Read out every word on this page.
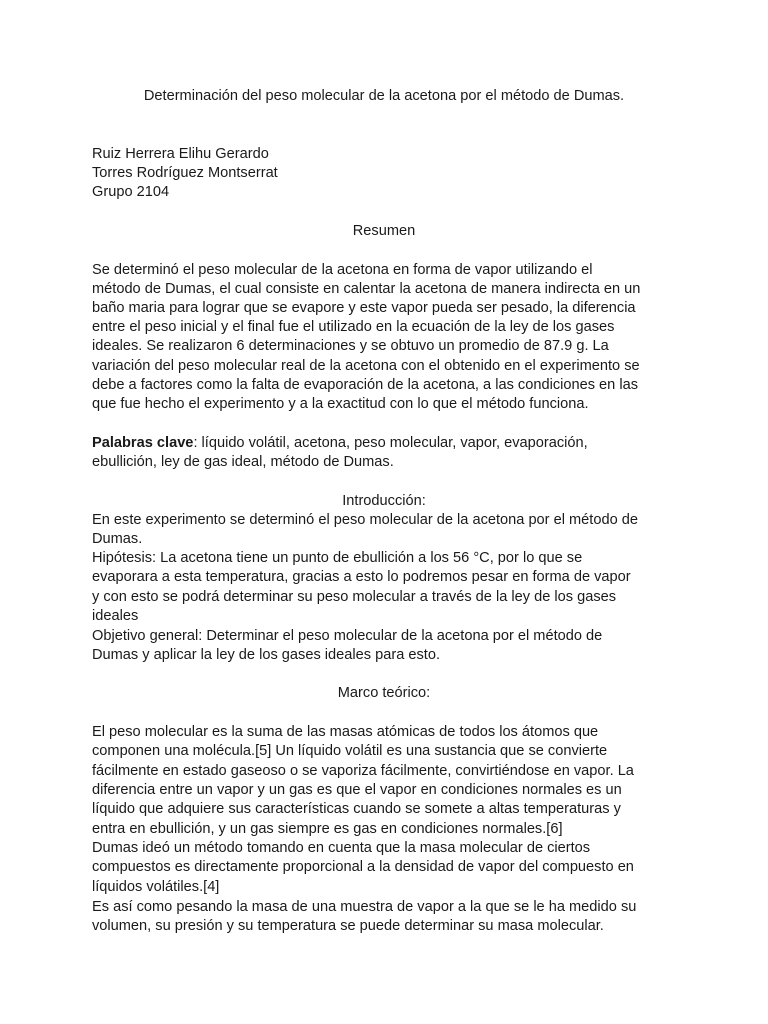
Determinación del peso molecular de la acetona por el método de Dumas.
Ruiz Herrera Elihu Gerardo
Torres Rodríguez Montserrat
Grupo 2104
Resumen
Se determinó el peso molecular de la acetona en forma de vapor utilizando el
método de Dumas, el cual consiste en calentar la acetona de manera indirecta en un
baño maria para lograr que se evapore y este vapor pueda ser pesado, la diferencia
entre el peso inicial y el final fue el utilizado en la ecuación de la ley de los gases
ideales. Se realizaron 6 determinaciones y se obtuvo un promedio de 87.9 g. La
variación del peso molecular real de la acetona con el obtenido en el experimento se
debe a factores como la falta de evaporación de la acetona, a las condiciones en las
que fue hecho el experimento y a la exactitud con lo que el método funciona.
Palabras clave: líquido volátil, acetona, peso molecular, vapor, evaporación,
ebullición, ley de gas ideal, método de Dumas.
Introducción:
En este experimento se determinó el peso molecular de la acetona por el método de
Dumas.
Hipótesis: La acetona tiene un punto de ebullición a los 56 °C, por lo que se
evaporara a esta temperatura, gracias a esto lo podremos pesar en forma de vapor
y con esto se podrá determinar su peso molecular a través de la ley de los gases
ideales
Objetivo general: Determinar el peso molecular de la acetona por el método de
Dumas y aplicar la ley de los gases ideales para esto.
Marco teórico:
El peso molecular es la suma de las masas atómicas de todos los átomos que
componen una molécula.[5] Un líquido volátil es una sustancia que se convierte
fácilmente en estado gaseoso o se vaporiza fácilmente, convirtiéndose en vapor. La
diferencia entre un vapor y un gas es que el vapor en condiciones normales es un
líquido que adquiere sus características cuando se somete a altas temperaturas y
entra en ebullición, y un gas siempre es gas en condiciones normales.[6]
Dumas ideó un método tomando en cuenta que la masa molecular de ciertos
compuestos es directamente proporcional a la densidad de vapor del compuesto en
líquidos volátiles.[4]
Es así como pesando la masa de una muestra de vapor a la que se le ha medido su
volumen, su presión y su temperatura se puede determinar su masa molecular.
